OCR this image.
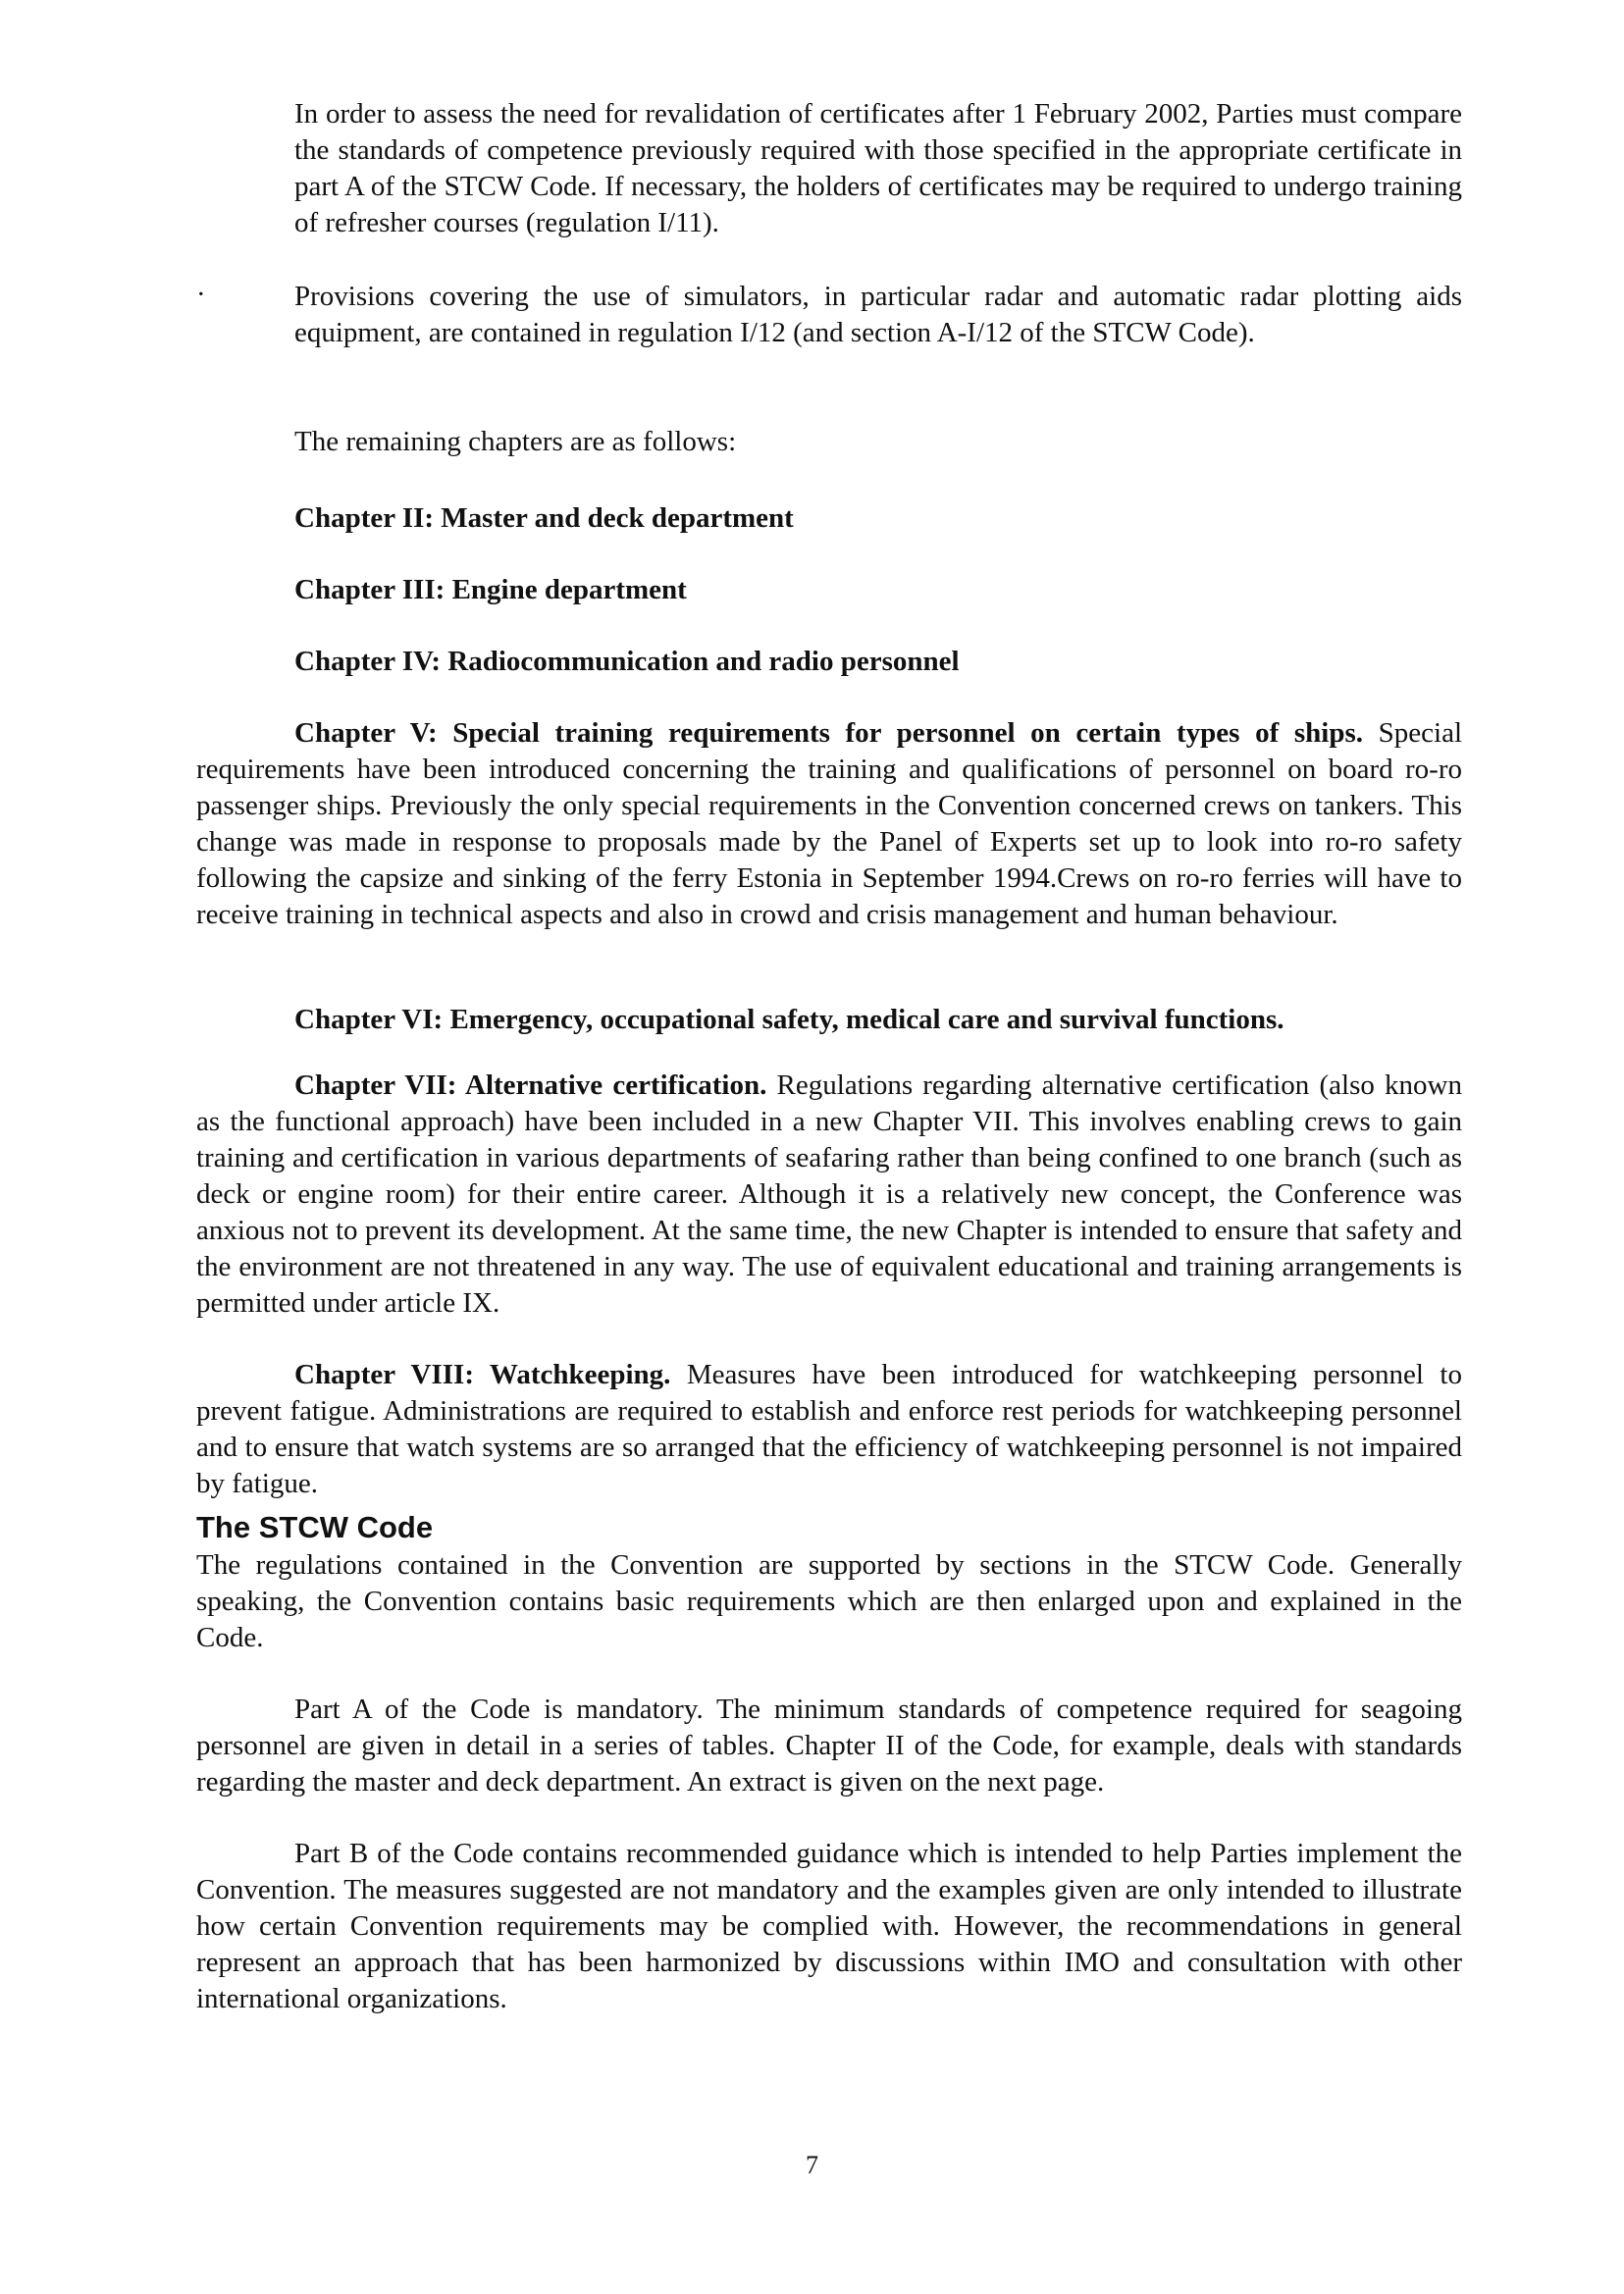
In order to assess the need for revalidation of certificates after 1 February 2002, Parties must compare the standards of competence previously required with those specified in the appropriate certificate in part A of the STCW Code. If necessary, the holders of certificates may be required to undergo training of refresher courses (regulation I/11).

·	Provisions covering the use of simulators, in particular radar and automatic radar plotting aids equipment, are contained in regulation I/12 (and section A-I/12 of the STCW Code).

The remaining chapters are as follows:

Chapter II: Master and deck department

Chapter III: Engine department

Chapter IV: Radiocommunication and radio personnel

Chapter V: Special training requirements for personnel on certain types of ships. Special requirements have been introduced concerning the training and qualifications of personnel on board ro-ro passenger ships. Previously the only special requirements in the Convention concerned crews on tankers. This change was made in response to proposals made by the Panel of Experts set up to look into ro-ro safety following the capsize and sinking of the ferry Estonia in September 1994.Crews on ro-ro ferries will have to receive training in technical aspects and also in crowd and crisis management and human behaviour.

Chapter VI: Emergency, occupational safety, medical care and survival functions.

Chapter VII: Alternative certification. Regulations regarding alternative certification (also known as the functional approach) have been included in a new Chapter VII. This involves enabling crews to gain training and certification in various departments of seafaring rather than being confined to one branch (such as deck or engine room) for their entire career. Although it is a relatively new concept, the Conference was anxious not to prevent its development. At the same time, the new Chapter is intended to ensure that safety and the environment are not threatened in any way. The use of equivalent educational and training arrangements is permitted under article IX.

Chapter VIII: Watchkeeping. Measures have been introduced for watchkeeping personnel to prevent fatigue. Administrations are required to establish and enforce rest periods for watchkeeping personnel and to ensure that watch systems are so arranged that the efficiency of watchkeeping personnel is not impaired by fatigue.

The STCW Code

The regulations contained in the Convention are supported by sections in the STCW Code. Generally speaking, the Convention contains basic requirements which are then enlarged upon and explained in the Code.

Part A of the Code is mandatory. The minimum standards of competence required for seagoing personnel are given in detail in a series of tables. Chapter II of the Code, for example, deals with standards regarding the master and deck department. An extract is given on the next page.

Part B of the Code contains recommended guidance which is intended to help Parties implement the Convention. The measures suggested are not mandatory and the examples given are only intended to illustrate how certain Convention requirements may be complied with. However, the recommendations in general represent an approach that has been harmonized by discussions within IMO and consultation with other international organizations.

7
